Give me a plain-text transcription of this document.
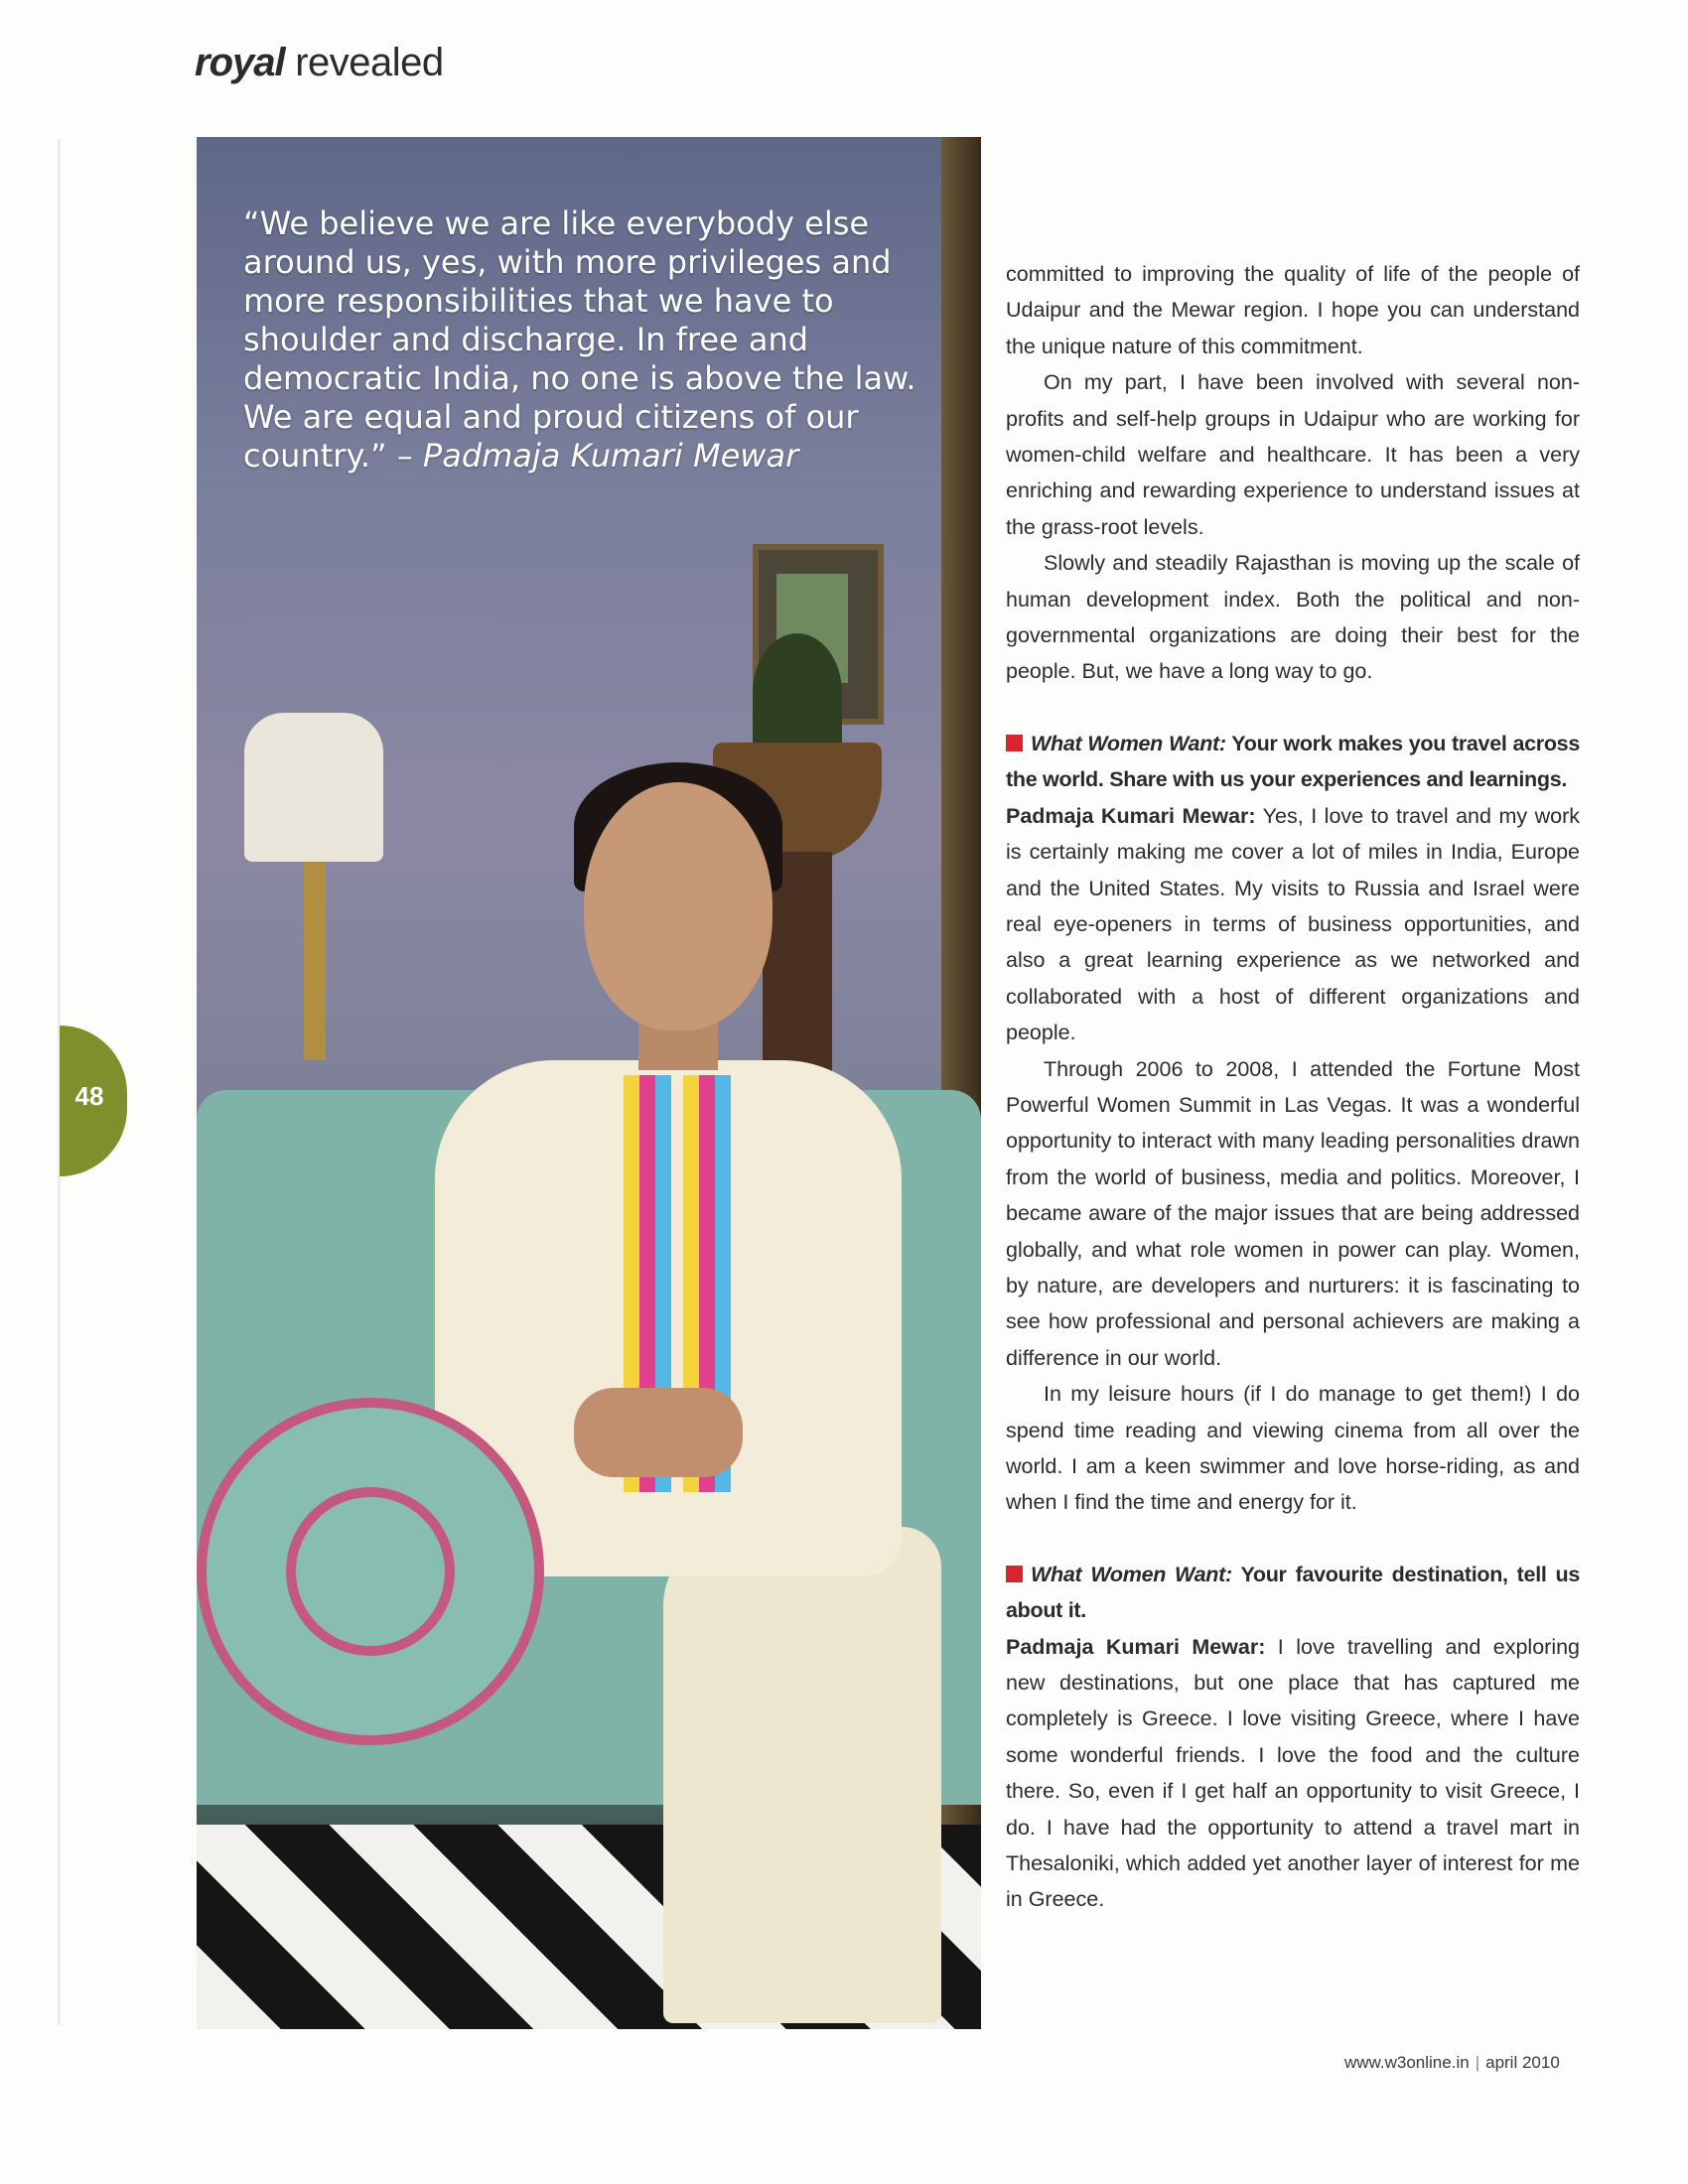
royal revealed
48

“We believe we are like everybody else around us, yes, with more privileges and more responsibilities that we have to shoulder and discharge. In free and democratic India, no one is above the law. We are equal and proud citizens of our country.” – Padmaja Kumari Mewar

committed to improving the quality of life of the people of Udaipur and the Mewar region. I hope you can understand the unique nature of this commitment.

On my part, I have been involved with several non-profits and self-help groups in Udaipur who are working for women-child welfare and healthcare. It has been a very enriching and rewarding experience to understand issues at the grass-root levels.

Slowly and steadily Rajasthan is moving up the scale of human development index. Both the political and non-governmental organizations are doing their best for the people. But, we have a long way to go.

What Women Want: Your work makes you travel across the world. Share with us your experiences and learnings.

Padmaja Kumari Mewar: Yes, I love to travel and my work is certainly making me cover a lot of miles in India, Europe and the United States. My visits to Russia and Israel were real eye-openers in terms of business opportunities, and also a great learning experience as we networked and collaborated with a host of different organizations and people.

Through 2006 to 2008, I attended the Fortune Most Powerful Women Summit in Las Vegas. It was a wonderful opportunity to interact with many leading personalities drawn from the world of business, media and politics. Moreover, I became aware of the major issues that are being addressed globally, and what role women in power can play. Women, by nature, are developers and nurturers: it is fascinating to see how professional and personal achievers are making a difference in our world.

In my leisure hours (if I do manage to get them!) I do spend time reading and viewing cinema from all over the world. I am a keen swimmer and love horse-riding, as and when I find the time and energy for it.

What Women Want: Your favourite destination, tell us about it.

Padmaja Kumari Mewar: I love travelling and exploring new destinations, but one place that has captured me completely is Greece. I love visiting Greece, where I have some wonderful friends. I love the food and the culture there. So, even if I get half an opportunity to visit Greece, I do. I have had the opportunity to attend a travel mart in Thesaloniki, which added yet another layer of interest for me in Greece.

www.w3online.in | april 2010
